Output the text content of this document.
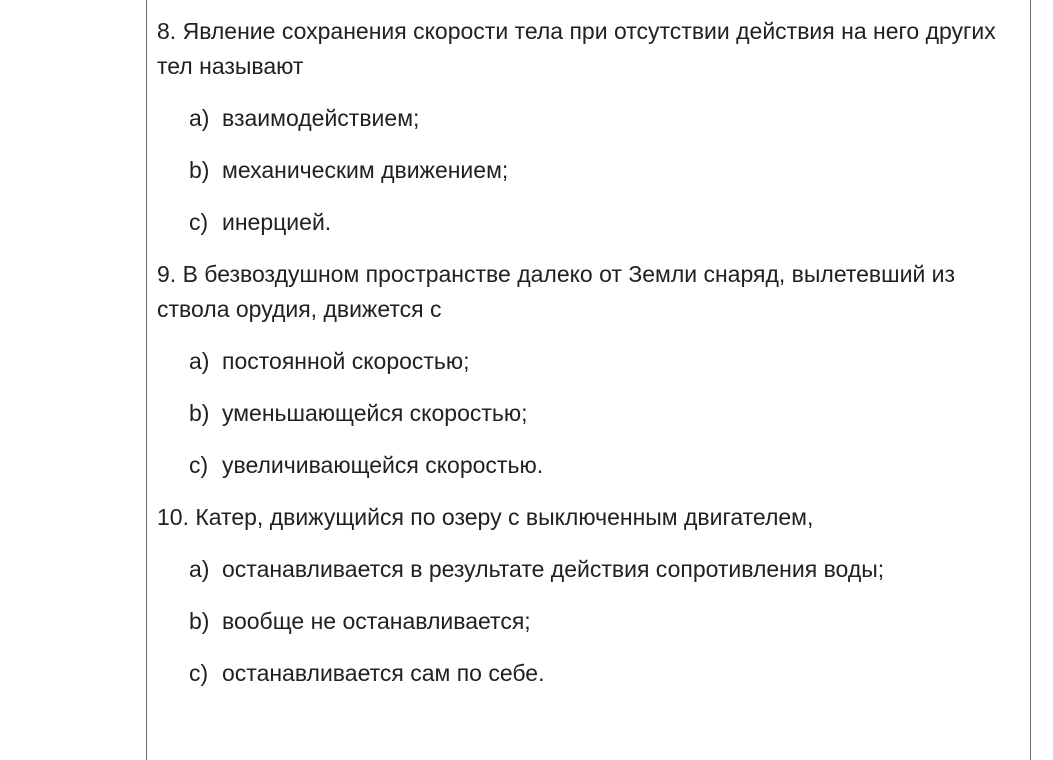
8. Явление сохранения скорости тела при отсутствии действия на него других тел называют

a) взаимодействием;
b) механическим движением;
c) инерцией.

9. В безвоздушном пространстве далеко от Земли снаряд, вылетевший из ствола орудия, движется с

a) постоянной скоростью;
b) уменьшающейся скоростью;
c) увеличивающейся скоростью.

10. Катер, движущийся по озеру с выключенным двигателем,

a) останавливается в результате действия сопротивления воды;
b) вообще не останавливается;
c) останавливается сам по себе.
